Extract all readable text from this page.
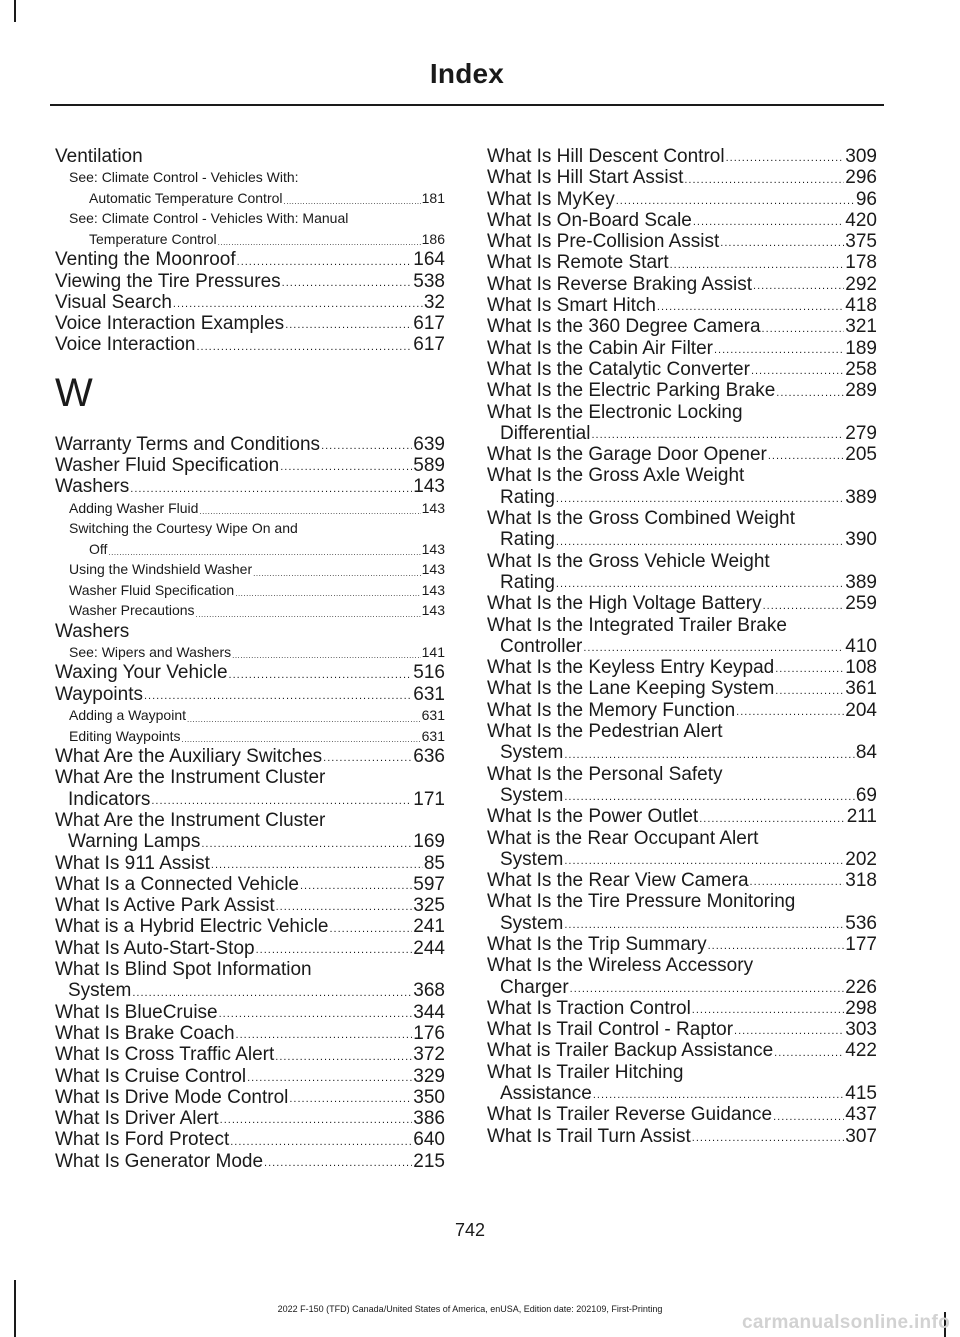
Index
Ventilation
See: Climate Control - Vehicles With:
Automatic Temperature Control .....	181
See: Climate Control - Vehicles With: Manual
Temperature Control .....	186
Venting the Moonroof .....	164
Viewing the Tire Pressures .....	538
Visual Search .....	32
Voice Interaction Examples .....	617
Voice Interaction .....	617
W
Warranty Terms and Conditions .....	639
Washer Fluid Specification .....	589
Washers .....	143
Adding Washer Fluid .....	143
Switching the Courtesy Wipe On and
Off .....	143
Using the Windshield Washer .....	143
Washer Fluid Specification .....	143
Washer Precautions .....	143
Washers
See: Wipers and Washers .....	141
Waxing Your Vehicle .....	516
Waypoints .....	631
Adding a Waypoint .....	631
Editing Waypoints .....	631
What Are the Auxiliary Switches .....	636
What Are the Instrument Cluster
Indicators .....	171
What Are the Instrument Cluster
Warning Lamps .....	169
What Is 911 Assist .....	85
What Is a Connected Vehicle .....	597
What Is Active Park Assist .....	325
What is a Hybrid Electric Vehicle .....	241
What Is Auto-Start-Stop .....	244
What Is Blind Spot Information
System .....	368
What Is BlueCruise .....	344
What Is Brake Coach .....	176
What Is Cross Traffic Alert .....	372
What Is Cruise Control .....	329
What Is Drive Mode Control .....	350
What Is Driver Alert .....	386
What Is Ford Protect .....	640
What Is Generator Mode .....	215
What Is Hill Descent Control .....	309
What Is Hill Start Assist .....	296
What Is MyKey .....	96
What Is On-Board Scale .....	420
What Is Pre-Collision Assist .....	375
What Is Remote Start .....	178
What Is Reverse Braking Assist .....	292
What Is Smart Hitch .....	418
What Is the 360 Degree Camera .....	321
What Is the Cabin Air Filter .....	189
What Is the Catalytic Converter .....	258
What Is the Electric Parking Brake .....	289
What Is the Electronic Locking
Differential .....	279
What Is the Garage Door Opener .....	205
What Is the Gross Axle Weight
Rating .....	389
What Is the Gross Combined Weight
Rating .....	390
What Is the Gross Vehicle Weight
Rating .....	389
What Is the High Voltage Battery .....	259
What Is the Integrated Trailer Brake
Controller .....	410
What Is the Keyless Entry Keypad .....	108
What Is the Lane Keeping System .....	361
What Is the Memory Function .....	204
What Is the Pedestrian Alert
System .....	84
What Is the Personal Safety
System .....	69
What Is the Power Outlet .....	211
What is the Rear Occupant Alert
System .....	202
What Is the Rear View Camera .....	318
What Is the Tire Pressure Monitoring
System .....	536
What Is the Trip Summary .....	177
What Is the Wireless Accessory
Charger .....	226
What Is Traction Control .....	298
What Is Trail Control - Raptor .....	303
What is Trailer Backup Assistance .....	422
What Is Trailer Hitching
Assistance .....	415
What Is Trailer Reverse Guidance .....	437
What Is Trail Turn Assist .....	307
742
2022 F-150 (TFD) Canada/United States of America, enUSA, Edition date: 202109, First-Printing
carmanualsonline.info
